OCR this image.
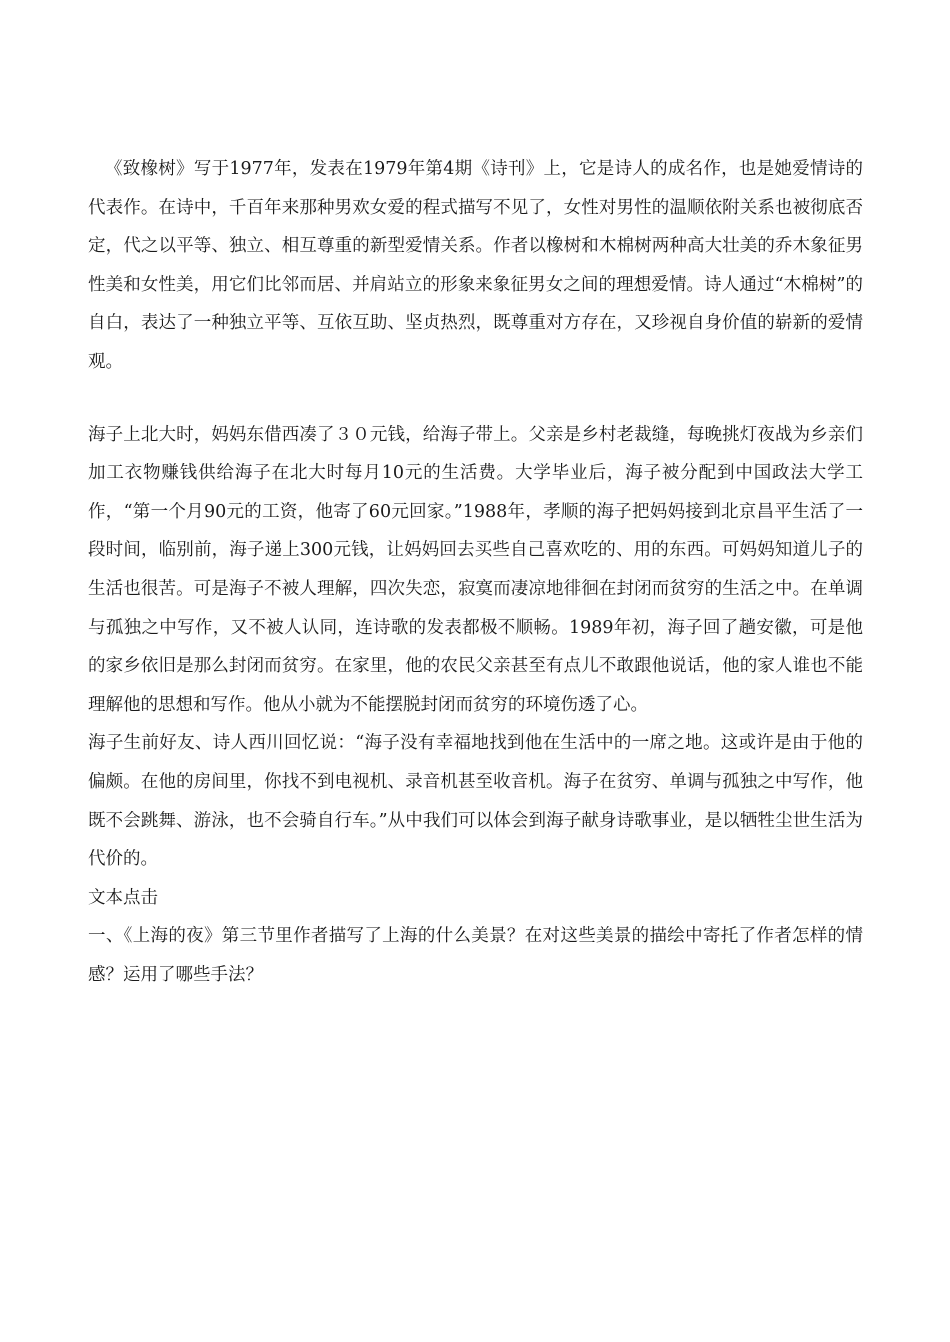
《致橡树》写于1977年，发表在1979年第4期《诗刊》上，它是诗人的成名作，也是她爱情诗的代表作。在诗中，千百年来那种男欢女爱的程式描写不见了，女性对男性的温顺依附关系也被彻底否定，代之以平等、独立、相互尊重的新型爱情关系。作者以橡树和木棉树两种高大壮美的乔木象征男性美和女性美，用它们比邻而居、并肩站立的形象来象征男女之间的理想爱情。诗人通过“木棉树”的自白，表达了一种独立平等、互依互助、坚贞热烈，既尊重对方存在，又珍视自身价值的崭新的爱情观。

海子上北大时，妈妈东借西凑了３０元钱，给海子带上。父亲是乡村老裁缝，每晚挑灯夜战为乡亲们加工衣物赚钱供给海子在北大时每月10元的生活费。大学毕业后，海子被分配到中国政法大学工作，“第一个月90元的工资，他寄了60元回家。”1988年，孝顺的海子把妈妈接到北京昌平生活了一段时间，临别前，海子递上300元钱，让妈妈回去买些自己喜欢吃的、用的东西。可妈妈知道儿子的生活也很苦。可是海子不被人理解，四次失恋，寂寞而凄凉地徘徊在封闭而贫穷的生活之中。在单调与孤独之中写作，又不被人认同，连诗歌的发表都极不顺畅。1989年初，海子回了趟安徽，可是他的家乡依旧是那么封闭而贫穷。在家里，他的农民父亲甚至有点儿不敢跟他说话，他的家人谁也不能理解他的思想和写作。他从小就为不能摆脱封闭而贫穷的环境伤透了心。

海子生前好友、诗人西川回忆说：“海子没有幸福地找到他在生活中的一席之地。这或许是由于他的偏颇。在他的房间里，你找不到电视机、录音机甚至收音机。海子在贫穷、单调与孤独之中写作，他既不会跳舞、游泳，也不会骑自行车。”从中我们可以体会到海子献身诗歌事业，是以牺牲尘世生活为代价的。

文本点击

一、《上海的夜》第三节里作者描写了上海的什么美景？在对这些美景的描绘中寄托了作者怎样的情感？运用了哪些手法？
